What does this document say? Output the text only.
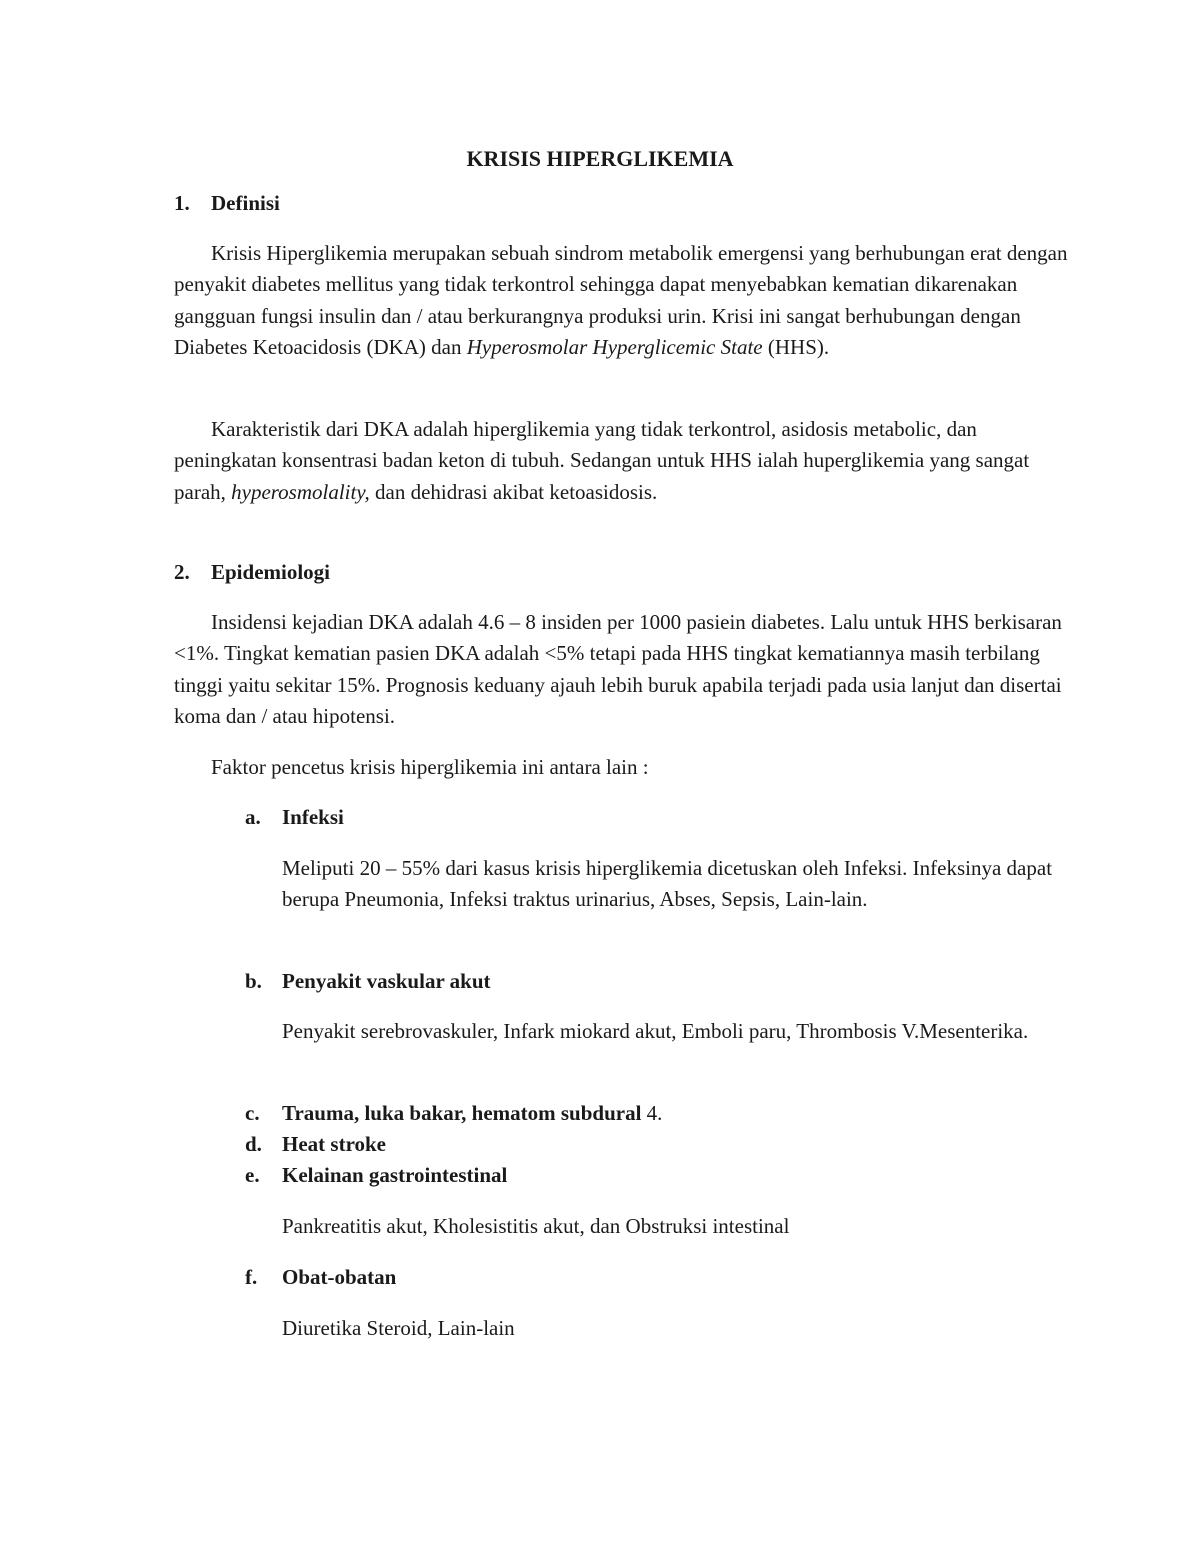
KRISIS HIPERGLIKEMIA
1. Definisi
Krisis Hiperglikemia merupakan sebuah sindrom metabolik emergensi yang berhubungan erat dengan penyakit diabetes mellitus yang tidak terkontrol sehingga dapat menyebabkan kematian dikarenakan gangguan fungsi insulin dan / atau berkurangnya produksi urin. Krisi ini sangat berhubungan dengan Diabetes Ketoacidosis (DKA) dan Hyperosmolar Hyperglicemic State (HHS).
Karakteristik dari DKA adalah hiperglikemia yang tidak terkontrol, asidosis metabolic, dan peningkatan konsentrasi badan keton di tubuh. Sedangan untuk HHS ialah huperglikemia yang sangat parah, hyperosmolality, dan dehidrasi akibat ketoasidosis.
2. Epidemiologi
Insidensi kejadian DKA adalah 4.6 – 8 insiden per 1000 pasiein diabetes. Lalu untuk HHS berkisaran <1%. Tingkat kematian pasien DKA adalah <5% tetapi pada HHS tingkat kematiannya masih terbilang tinggi yaitu sekitar 15%. Prognosis keduany ajauh lebih buruk apabila terjadi pada usia lanjut dan disertai koma dan / atau hipotensi.
Faktor pencetus krisis hiperglikemia ini antara lain :
a. Infeksi
Meliputi 20 – 55% dari kasus krisis hiperglikemia dicetuskan oleh Infeksi. Infeksinya dapat berupa Pneumonia, Infeksi traktus urinarius, Abses, Sepsis, Lain-lain.
b. Penyakit vaskular akut
Penyakit serebrovaskuler, Infark miokard akut, Emboli paru, Thrombosis V.Mesenterika.
c. Trauma, luka bakar, hematom subdural 4.
d. Heat stroke
e. Kelainan gastrointestinal
Pankreatitis akut, Kholesistitis akut, dan Obstruksi intestinal
f. Obat-obatan
Diuretika Steroid, Lain-lain
